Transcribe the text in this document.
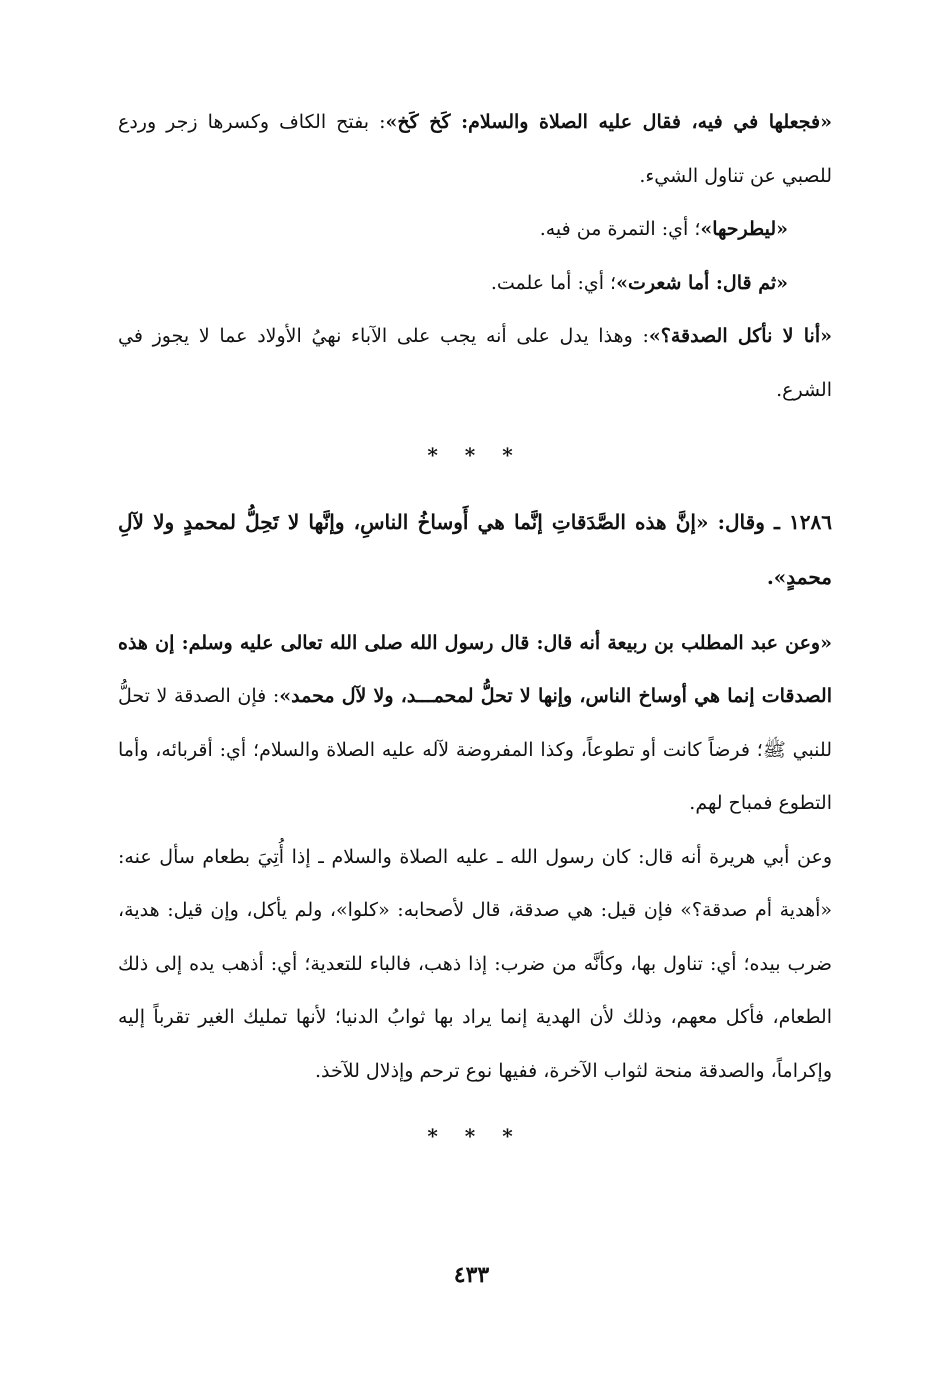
«فجعلها في فيه، فقال عليه الصلاة والسلام: كَخ كَخ»: بفتح الكاف وكسرها زجر وردع للصبي عن تناول الشيء.

«ليطرحها»؛ أي: التمرة من فيه.

«ثم قال: أما شعرت»؛ أي: أما علمت.

«أنا لا نأكل الصدقة؟»: وهذا يدل على أنه يجب على الآباء نهيُ الأولاد عما لا يجوز في الشرع.

* * *

١٢٨٦ ـ وقال: «إنَّ هذه الصَّدَقاتِ إنَّما هي أَوساخُ الناسِ، وإنَّها لا تَحِلُّ لمحمدٍ ولا لآلِ محمدٍ».

«وعن عبد المطلب بن ربيعة أنه قال: قال رسول الله صلى الله تعالى عليه وسلم: إن هذه الصدقات إنما هي أوساخ الناس، وإنها لا تحلُّ لمحمـــد، ولا لآل محمد»: فإن الصدقة لا تحلُّ للنبي ﷺ؛ فرضاً كانت أو تطوعاً، وكذا المفروضة لآله عليه الصلاة والسلام؛ أي: أقربائه، وأما التطوع فمباح لهم.

وعن أبي هريرة أنه قال: كان رسول الله ـ عليه الصلاة والسلام ـ إذا أُتِيَ بطعام سأل عنه: «أهدية أم صدقة؟» فإن قيل: هي صدقة، قال لأصحابه: «كلوا»، ولم يأكل، وإن قيل: هدية، ضرب بيده؛ أي: تناول بها، وكأنَّه من ضرب: إذا ذهب، فالباء للتعدية؛ أي: أذهب يده إلى ذلك الطعام، فأكل معهم، وذلك لأن الهدية إنما يراد بها ثوابُ الدنيا؛ لأنها تمليك الغير تقرباً إليه وإكراماً، والصدقة منحة لثواب الآخرة، ففيها نوع ترحم وإذلال للآخذ.

* * *
٤٣٣
